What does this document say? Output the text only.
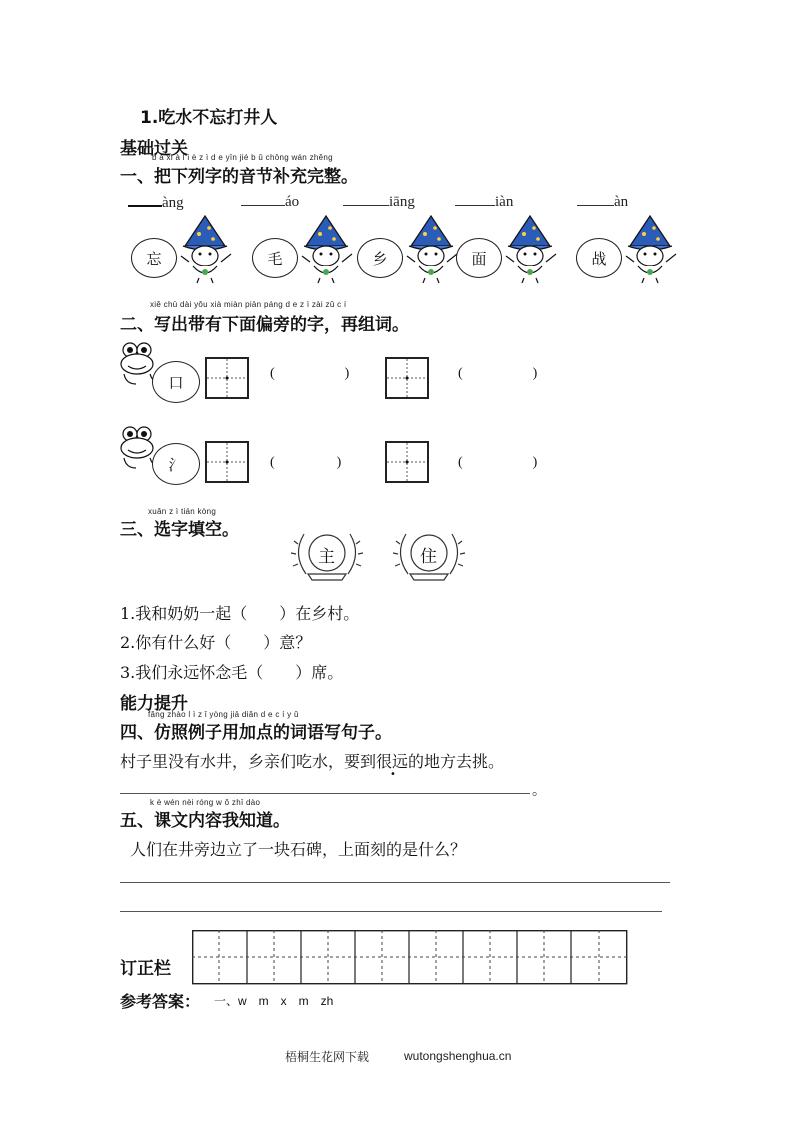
1.吃水不忘打井人
基础过关
b ǎ xi à l i è z ì d e yīn jié b ǔ chōng wán zhěng
一、把下列字的音节补充完整。
àng	áo	iāng	iàn	àn
忘	毛	乡	面	战
xiě chū dài yǒu xià miàn piān páng d e z ì zài zǔ c í
二、写出带有下面偏旁的字，再组词。
口	(	)	(	)
氵	(	)	(	)
xuǎn z ì tián kòng
三、选字填空。
主	住
1.我和奶奶一起（　　）在乡村。
2.你有什么好（　　）意？
3.我们永远怀念毛（　　）席。
能力提升
fǎng zhào l ì z ǐ yòng jiā diǎn d e c í y ǔ
四、仿照例子用加点的词语写句子。
村子里没有水井，乡亲们吃水，要到很远的地方去挑。
•
。
k è wén nèi róng w ǒ zhī dào
五、课文内容我知道。
人们在井旁边立了一块石碑，上面刻的是什么？
订正栏
参考答案： 一、w　m　x　m　zh
梧桐生花网下载	wutongshenghua.cn
